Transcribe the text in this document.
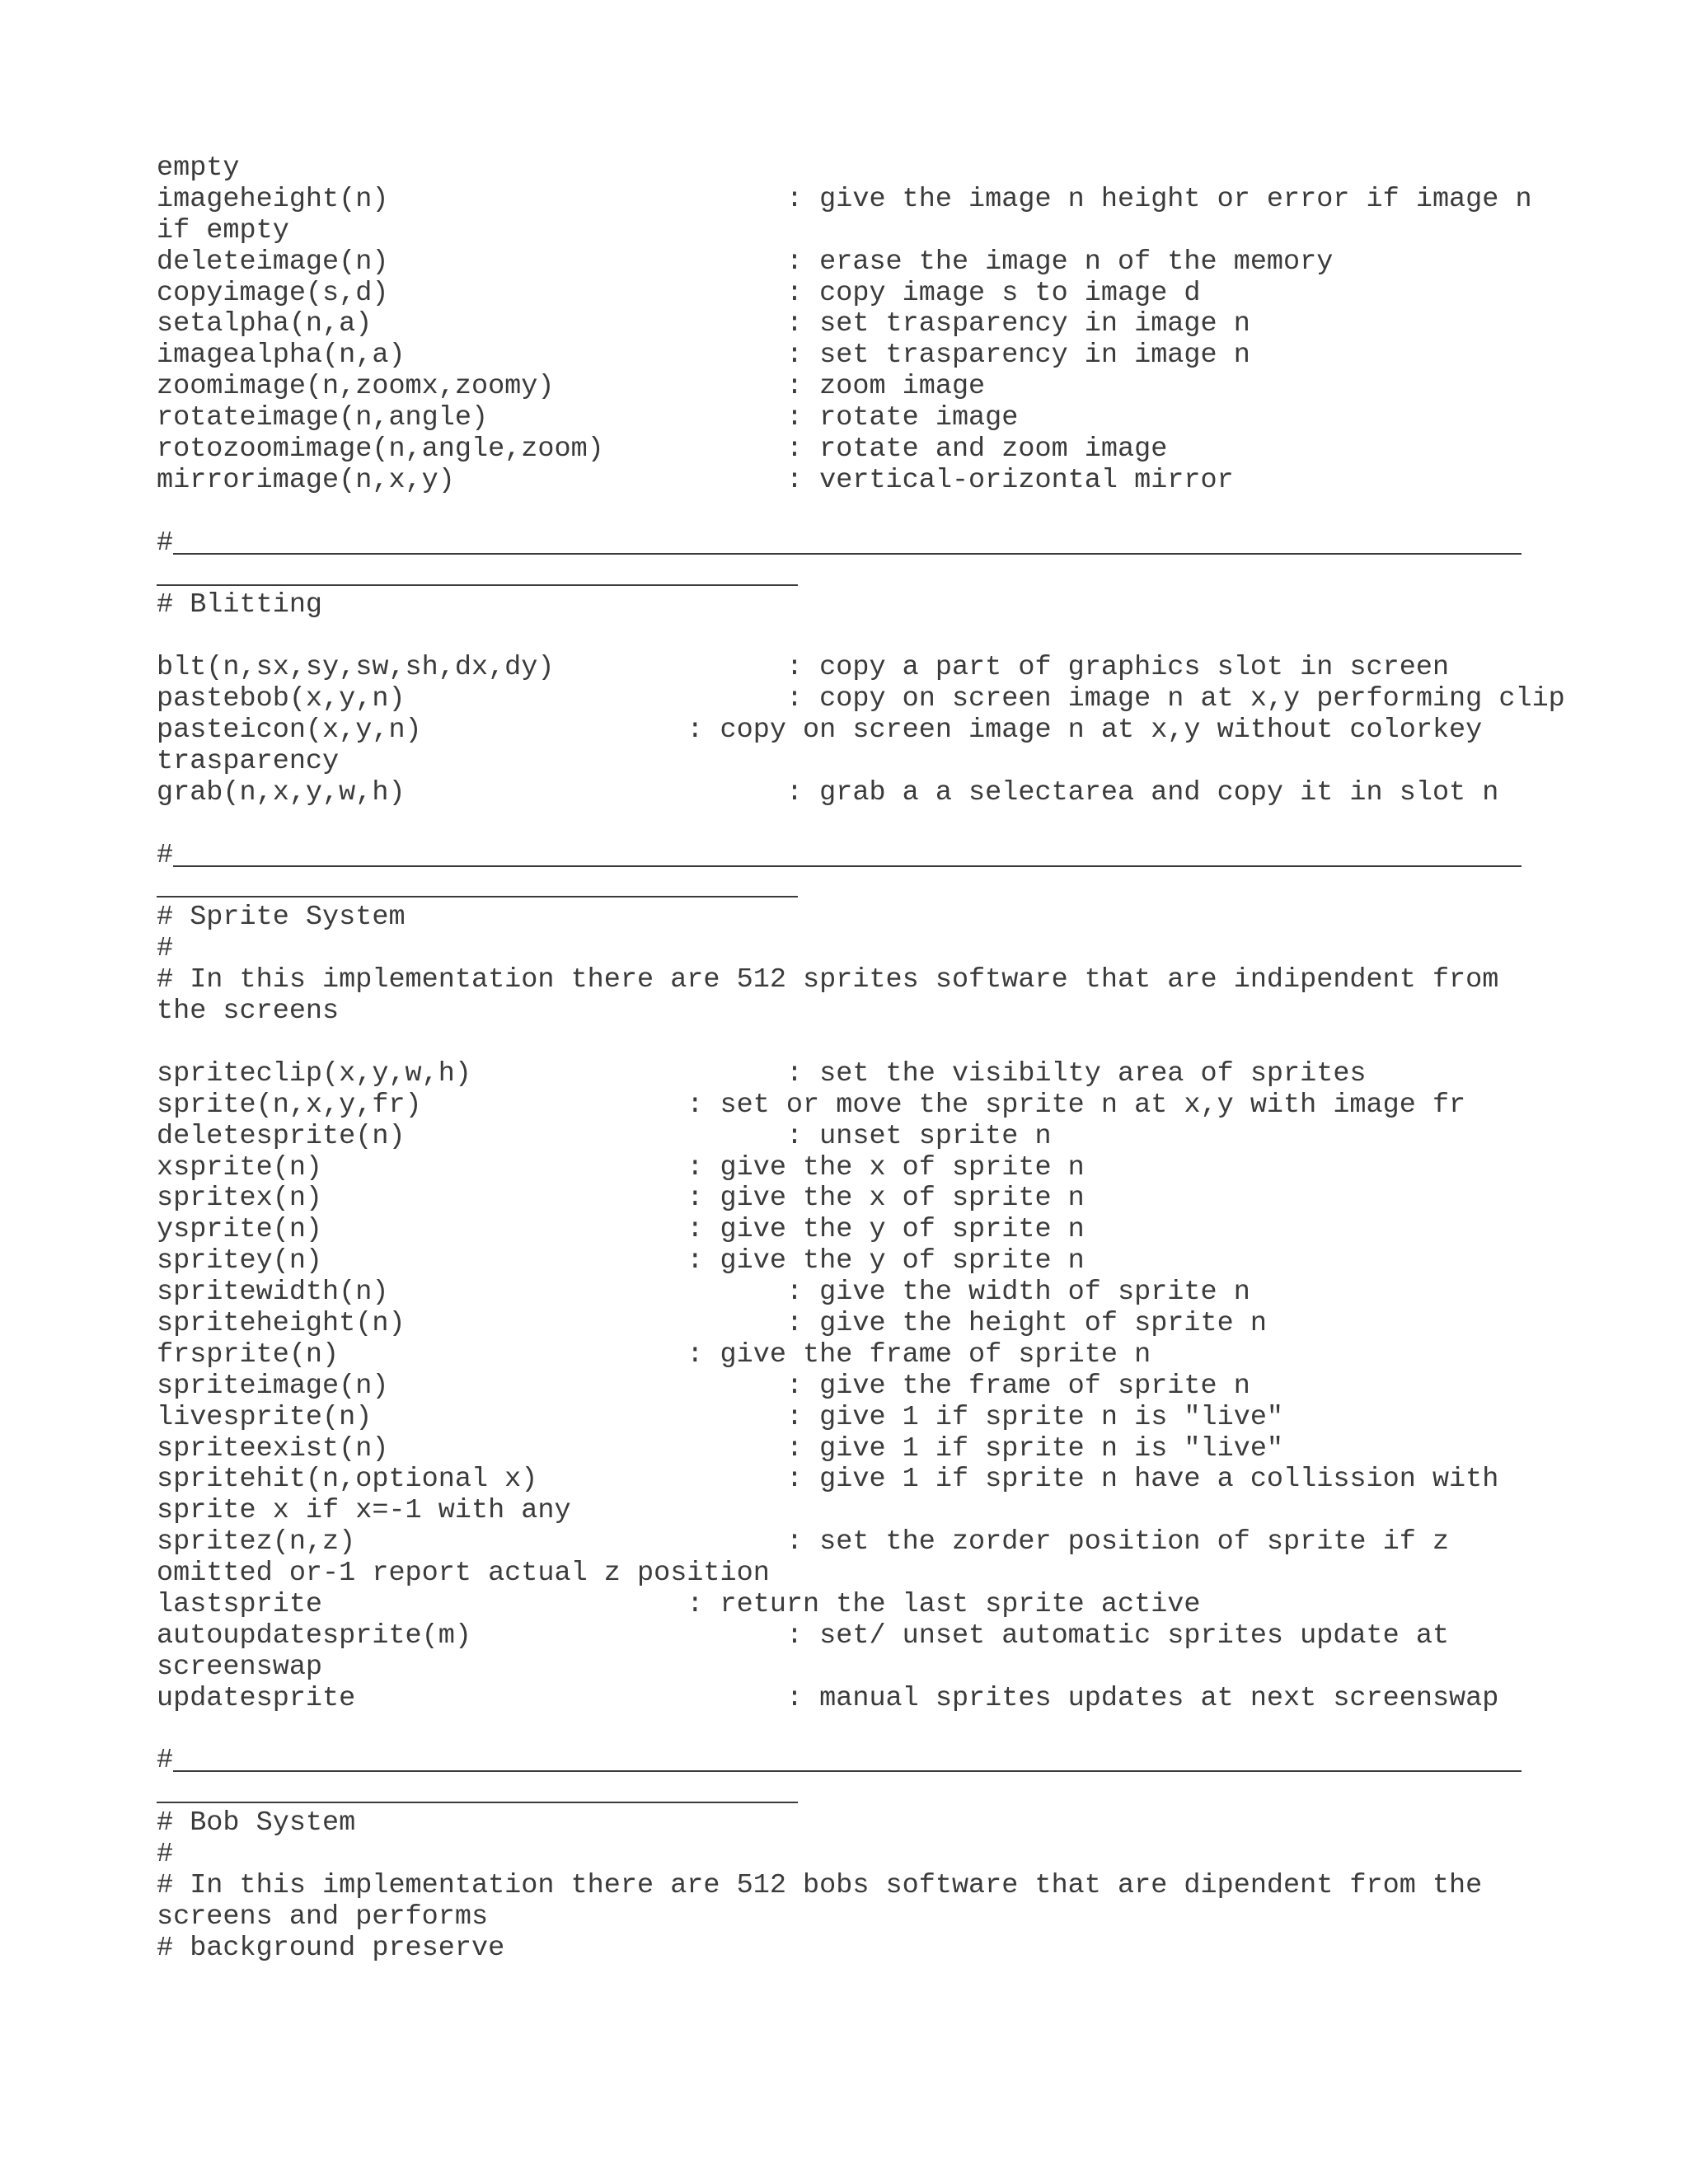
empty
imageheight(n)                        : give the image n height or error if image n
if empty
deleteimage(n)                        : erase the image n of the memory
copyimage(s,d)                        : copy image s to image d
setalpha(n,a)                         : set trasparency in image n
imagealpha(n,a)                       : set trasparency in image n
zoomimage(n,zoomx,zoomy)              : zoom image
rotateimage(n,angle)                  : rotate image
rotozoomimage(n,angle,zoom)           : rotate and zoom image
mirrorimage(n,x,y)                    : vertical-orizontal mirror
#
# Blitting
blt(n,sx,sy,sw,sh,dx,dy)              : copy a part of graphics slot in screen
pastebob(x,y,n)                       : copy on screen image n at x,y performing clip
pasteicon(x,y,n)                : copy on screen image n at x,y without colorkey
trasparency
grab(n,x,y,w,h)                       : grab a a selectarea and copy it in slot n
#
# Sprite System
#
# In this implementation there are 512 sprites software that are indipendent from
the screens
spriteclip(x,y,w,h)                   : set the visibilty area of sprites
sprite(n,x,y,fr)                : set or move the sprite n at x,y with image fr
deletesprite(n)                       : unset sprite n
xsprite(n)                      : give the x of sprite n
spritex(n)                      : give the x of sprite n
ysprite(n)                      : give the y of sprite n
spritey(n)                      : give the y of sprite n
spritewidth(n)                        : give the width of sprite n
spriteheight(n)                       : give the height of sprite n
frsprite(n)                     : give the frame of sprite n
spriteimage(n)                        : give the frame of sprite n
livesprite(n)                         : give 1 if sprite n is "live"
spriteexist(n)                        : give 1 if sprite n is "live"
spritehit(n,optional x)               : give 1 if sprite n have a collission with
sprite x if x=-1 with any
spritez(n,z)                          : set the zorder position of sprite if z
omitted or-1 report actual z position
lastsprite                      : return the last sprite active
autoupdatesprite(m)                   : set/ unset automatic sprites update at
screenswap
updatesprite                          : manual sprites updates at next screenswap
#
# Bob System
#
# In this implementation there are 512 bobs software that are dipendent from the
screens and performs
# background preserve
